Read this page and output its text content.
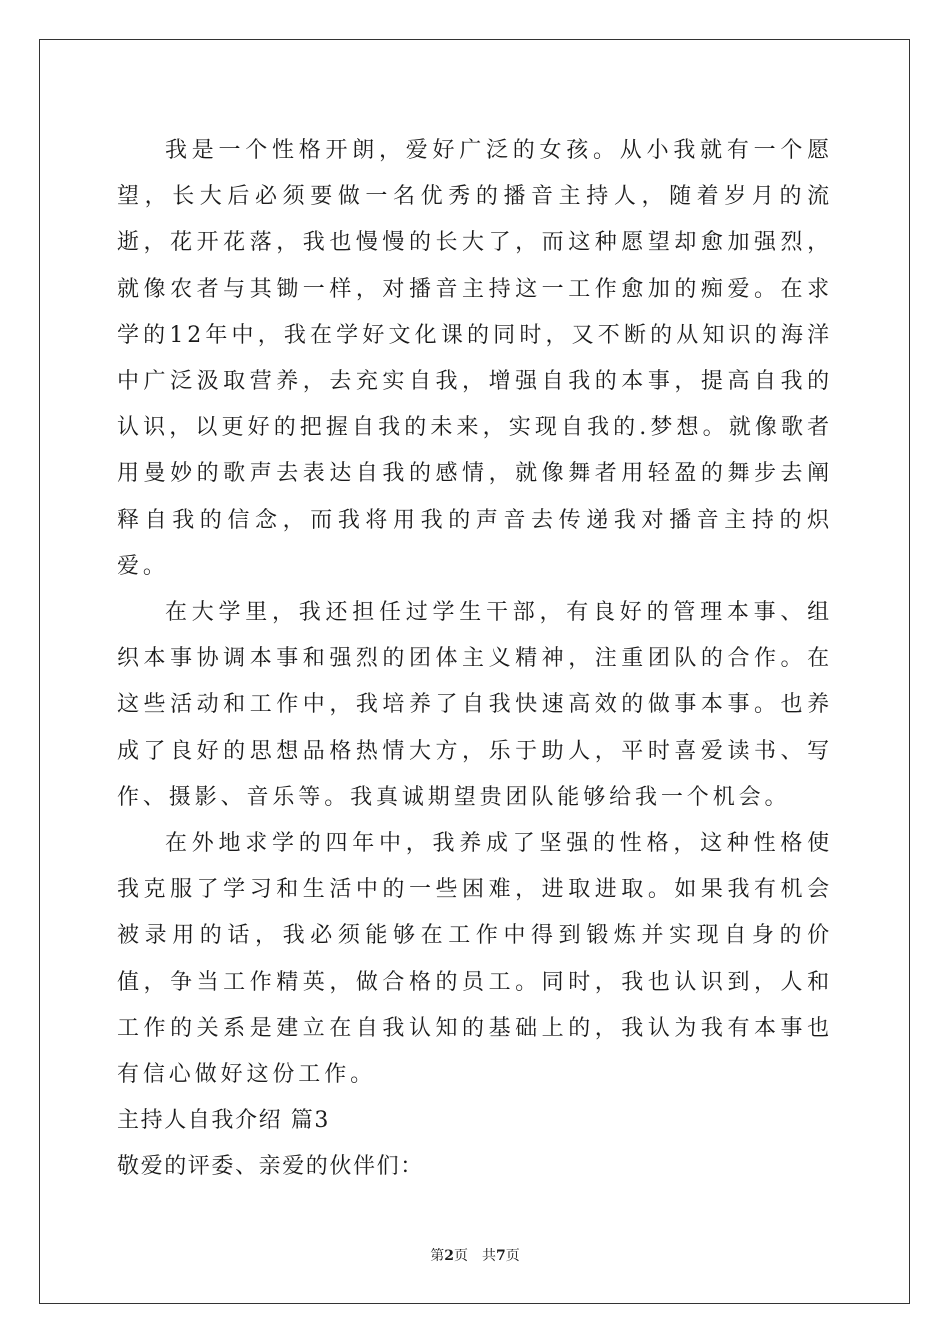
我是一个性格开朗，爱好广泛的女孩。从小我就有一个愿望，长大后必须要做一名优秀的播音主持人，随着岁月的流逝，花开花落，我也慢慢的长大了，而这种愿望却愈加强烈，就像农者与其锄一样，对播音主持这一工作愈加的痴爱。在求学的12年中，我在学好文化课的同时，又不断的从知识的海洋中广泛汲取营养，去充实自我，增强自我的本事，提高自我的认识，以更好的把握自我的未来，实现自我的.梦想。就像歌者用曼妙的歌声去表达自我的感情，就像舞者用轻盈的舞步去阐释自我的信念，而我将用我的声音去传递我对播音主持的炽爱。

在大学里，我还担任过学生干部，有良好的管理本事、组织本事协调本事和强烈的团体主义精神，注重团队的合作。在这些活动和工作中，我培养了自我快速高效的做事本事。也养成了良好的思想品格热情大方，乐于助人，平时喜爱读书、写作、摄影、音乐等。我真诚期望贵团队能够给我一个机会。

在外地求学的四年中，我养成了坚强的性格，这种性格使我克服了学习和生活中的一些困难，进取进取。如果我有机会被录用的话，我必须能够在工作中得到锻炼并实现自身的价值，争当工作精英，做合格的员工。同时，我也认识到，人和工作的关系是建立在自我认知的基础上的，我认为我有本事也有信心做好这份工作。

主持人自我介绍 篇3

敬爱的评委、亲爱的伙伴们：

第2页 共7页
